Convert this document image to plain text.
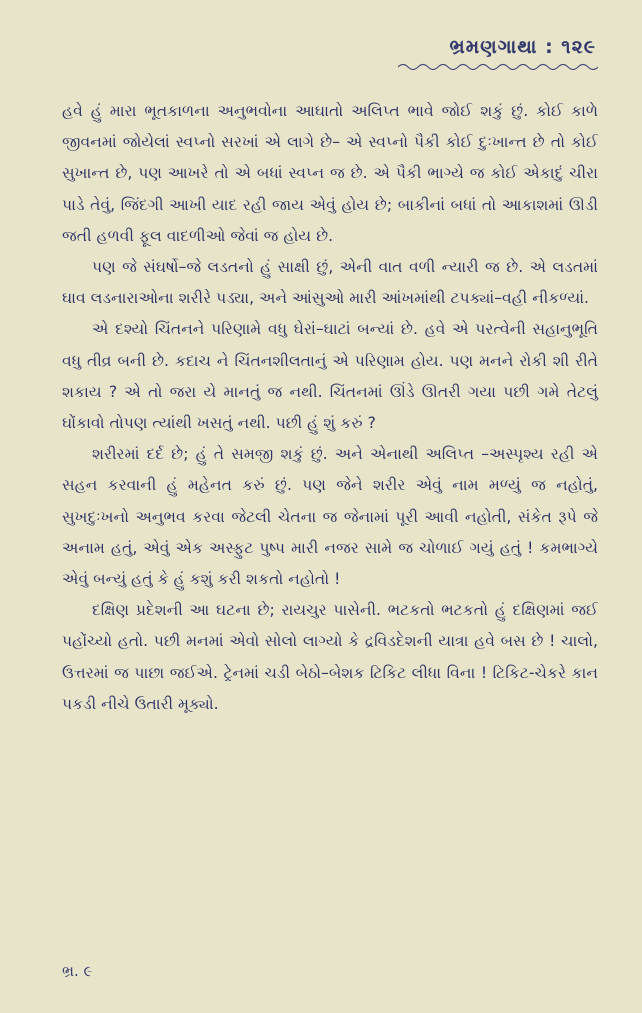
ભ્રમણગાથા : ૧૨૯

હવે હું મારા ભૂતકાળના અનુભવોના આઘાતો અલિપ્ત ભાવે જોઈ શકું છું. કોઈ કાળે જીવનમાં જોયેલાં સ્વપ્નો સરખાં એ લાગે છે– એ સ્વપ્નો પૈકી કોઈ દુઃખાન્ત છે તો કોઈ સુખાન્ત છે, પણ આખરે તો એ બધાં સ્વપ્ન જ છે. એ પૈકી ભાગ્યે જ કોઈ એકાદું ચીરા પાડે તેવું, જિંદગી આખી યાદ રહી જાય એવું હોય છે; બાકીનાં બધાં તો આકાશમાં ઊડી જતી હળવી ફૂલ વાદળીઓ જેવાં જ હોય છે.

પણ જે સંઘર્ષો–જે લડતનો હું સાક્ષી છું, એની વાત વળી ન્યારી જ છે. એ લડતમાં ઘાવ લડનારાઓના શરીરે પડ્યા, અને આંસુઓ મારી આંખમાંથી ટપક્યાં–વહી નીકળ્યાં.

એ દશ્યો ચિંતનને પરિણામે વધુ ઘેરાં–ઘાટાં બન્યાં છે. હવે એ પરત્વેની સહાનુભૂતિ વધુ તીવ્ર બની છે. કદાચ ને ચિંતનશીલતાનું એ પરિણામ હોય. પણ મનને રોકી શી રીતે શકાય ? એ તો જરા યે માનતું જ નથી. ચિંતનમાં ઊંડે ઊતરી ગયા પછી ગમે તેટલું ઘોંકાવો તોપણ ત્યાંથી ખસતું નથી. પછી હું શું કરું ?

શરીરમાં દર્દ છે; હું તે સમજી શકું છું. અને એનાથી અલિપ્ત –અસ્પૃશ્ય રહી એ સહન કરવાની હું મહેનત કરું છું. પણ જેને શરીર એવું નામ મળ્યું જ નહોતું, સુખદુઃખનો અનુભવ કરવા જેટલી ચેતના જ જેનામાં પૂરી આવી નહોતી, સંકેત રૂપે જે અનામ હતું, એવું એક અસ્ફુટ પુષ્પ મારી નજર સામે જ ચોળાઈ ગયું હતું ! કમભાગ્યે એવું બન્યું હતું કે હું કશું કરી શકતો નહોતો !

દક્ષિણ પ્રદેશની આ ઘટના છે; રાયચુર પાસેની. ભટકતો ભટકતો હું દક્ષિણમાં જઈ પહોંચ્યો હતો. પછી મનમાં એવો સોલો લાગ્યો કે દ્રવિડદેશની યાત્રા હવે બસ છે ! ચાલો, ઉત્તરમાં જ પાછા જઈએ. ટ્રેનમાં ચડી બેઠો–બેશક ટિકિટ લીધા વિના ! ટિકિટ-ચેકરે કાન પકડી નીચે ઉતારી મૂક્યો.

ભ્ર. ૯
